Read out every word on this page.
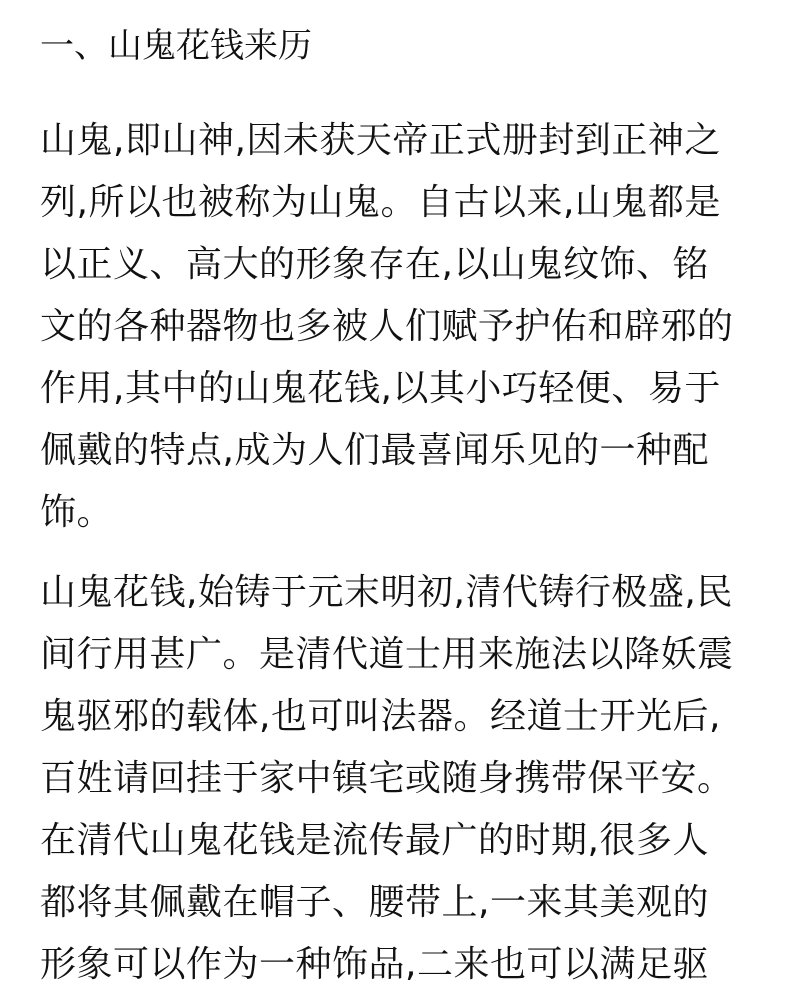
一、山鬼花钱来历
山鬼,即山神,因未获天帝正式册封到正神之
列,所以也被称为山鬼。自古以来,山鬼都是
以正义、高大的形象存在,以山鬼纹饰、铭
文的各种器物也多被人们赋予护佑和辟邪的
作用,其中的山鬼花钱,以其小巧轻便、易于
佩戴的特点,成为人们最喜闻乐见的一种配
饰。
山鬼花钱,始铸于元末明初,清代铸行极盛,民
间行用甚广。是清代道士用来施法以降妖震
鬼驱邪的载体,也可叫法器。经道士开光后,
百姓请回挂于家中镇宅或随身携带保平安。
在清代山鬼花钱是流传最广的时期,很多人
都将其佩戴在帽子、腰带上,一来其美观的
形象可以作为一种饰品,二来也可以满足驱
